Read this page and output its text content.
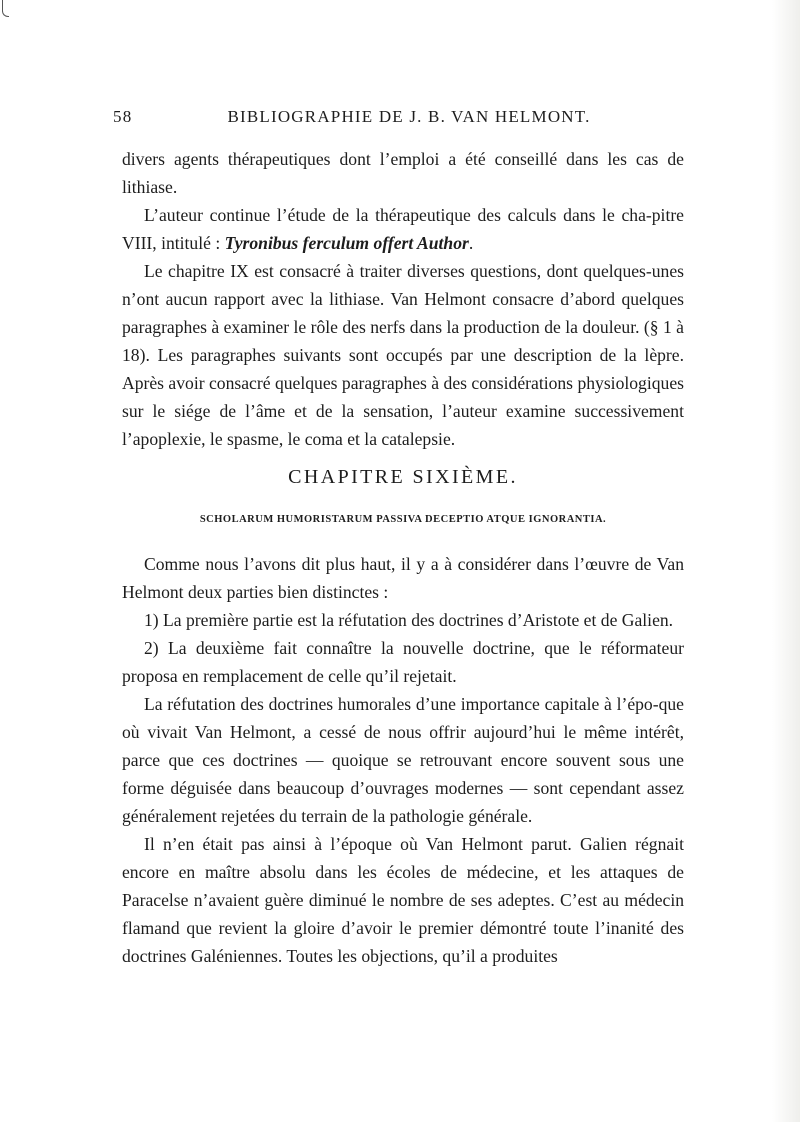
58	BIBLIOGRAPHIE DE J. B. VAN HELMONT.

divers agents thérapeutiques dont l’emploi a été conseillé dans les cas de lithiase.

L’auteur continue l’étude de la thérapeutique des calculs dans le cha-pitre VIII, intitulé : Tyronibus ferculum offert Author.

Le chapitre IX est consacré à traiter diverses questions, dont quelques-unes n’ont aucun rapport avec la lithiase. Van Helmont consacre d’abord quelques paragraphes à examiner le rôle des nerfs dans la production de la douleur. (§ 1 à 18). Les paragraphes suivants sont occupés par une description de la lèpre. Après avoir consacré quelques paragraphes à des considérations physiologiques sur le siége de l’âme et de la sensation, l’auteur examine successivement l’apoplexie, le spasme, le coma et la catalepsie.

CHAPITRE SIXIÈME.
SCHOLARUM HUMORISTARUM PASSIVA DECEPTIO ATQUE IGNORANTIA.

Comme nous l’avons dit plus haut, il y a à considérer dans l’œuvre de Van Helmont deux parties bien distinctes :

1) La première partie est la réfutation des doctrines d’Aristote et de Galien.

2) La deuxième fait connaître la nouvelle doctrine, que le réformateur proposa en remplacement de celle qu’il rejetait.

La réfutation des doctrines humorales d’une importance capitale à l’épo-que où vivait Van Helmont, a cessé de nous offrir aujourd’hui le même intérêt, parce que ces doctrines — quoique se retrouvant encore souvent sous une forme déguisée dans beaucoup d’ouvrages modernes — sont cependant assez généralement rejetées du terrain de la pathologie générale.

Il n’en était pas ainsi à l’époque où Van Helmont parut. Galien régnait encore en maître absolu dans les écoles de médecine, et les attaques de Paracelse n’avaient guère diminué le nombre de ses adeptes. C’est au médecin flamand que revient la gloire d’avoir le premier démontré toute l’inanité des doctrines Galéniennes. Toutes les objections, qu’il a produites
